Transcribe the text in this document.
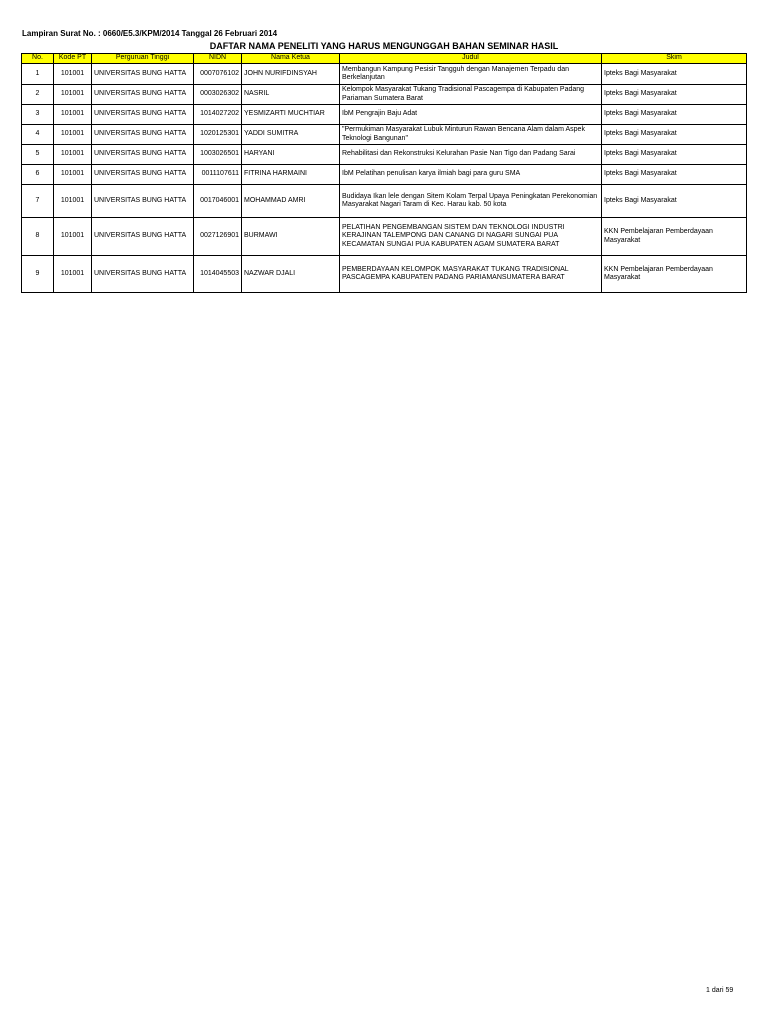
Lampiran Surat No. : 0660/E5.3/KPM/2014 Tanggal 26 Februari 2014
DAFTAR NAMA PENELITI YANG HARUS MENGUNGGAH BAHAN SEMINAR HASIL
No.	Kode PT	Perguruan Tinggi	NIDN	Nama Ketua	Judul	Skim
1	101001	UNIVERSITAS BUNG HATTA	0007076102	JOHN NURIFDINSYAH	Membangun Kampung Pesisir Tangguh dengan Manajemen Terpadu dan Berkelanjutan	Ipteks Bagi Masyarakat
2	101001	UNIVERSITAS BUNG HATTA	0003026302	NASRIL	Kelompok Masyarakat Tukang Tradisional Pascagempa di Kabupaten Padang Pariaman Sumatera Barat	Ipteks Bagi Masyarakat
3	101001	UNIVERSITAS BUNG HATTA	1014027202	YESMIZARTI MUCHTIAR	IbM Pengrajin Baju Adat	Ipteks Bagi Masyarakat
4	101001	UNIVERSITAS BUNG HATTA	1020125301	YADDI SUMITRA	"Permukiman Masyarakat Lubuk Minturun Rawan Bencana Alam dalam Aspek Teknologi Bangunan"	Ipteks Bagi Masyarakat
5	101001	UNIVERSITAS BUNG HATTA	1003026501	HARYANI	Rehabilitasi dan Rekonstruksi Kelurahan Pasie Nan Tigo dan Padang Sarai	Ipteks Bagi Masyarakat
6	101001	UNIVERSITAS BUNG HATTA	0011107611	FITRINA HARMAINI	IbM Pelatihan penulisan karya ilmiah bagi para guru SMA	Ipteks Bagi Masyarakat
7	101001	UNIVERSITAS BUNG HATTA	0017046001	MOHAMMAD AMRI	Budidaya Ikan lele dengan Sitem Kolam Terpal Upaya Peningkatan Perekonomian Masyarakat Nagari Taram di Kec. Harau kab. 50 kota	Ipteks Bagi Masyarakat
8	101001	UNIVERSITAS BUNG HATTA	0027126901	BURMAWI	PELATIHAN PENGEMBANGAN SISTEM DAN TEKNOLOGI INDUSTRI KERAJINAN TALEMPONG DAN CANANG DI NAGARI SUNGAI PUA KECAMATAN SUNGAI PUA KABUPATEN AGAM SUMATERA BARAT	KKN Pembelajaran Pemberdayaan Masyarakat
9	101001	UNIVERSITAS BUNG HATTA	1014045503	NAZWAR DJALI	PEMBERDAYAAN KELOMPOK MASYARAKAT TUKANG TRADISIONAL PASCAGEMPA KABUPATEN PADANG PARIAMANSUMATERA BARAT	KKN Pembelajaran Pemberdayaan Masyarakat
1 dari 59
